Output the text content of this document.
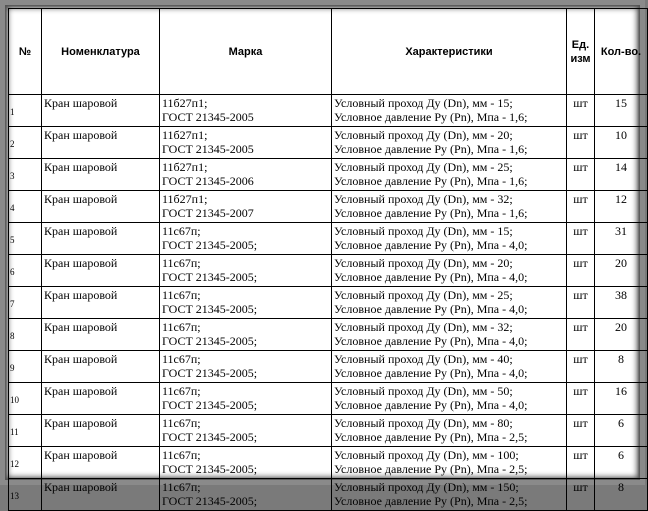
№	Номенклатура	Марка	Характеристики	Ед.
изм	Кол-во.
1	Кран шаровой	11б27п1;
ГОСТ 21345-2005	Условный проход Ду (Dn), мм - 15;
Условное давление Ру (Pn), Мпа - 1,6;	шт	15
2	Кран шаровой	11б27п1;
ГОСТ 21345-2005	Условный проход Ду (Dn), мм - 20;
Условное давление Ру (Pn), Мпа - 1,6;	шт	10
3	Кран шаровой	11б27п1;
ГОСТ 21345-2006	Условный проход Ду (Dn), мм - 25;
Условное давление Ру (Pn), Мпа - 1,6;	шт	14
4	Кран шаровой	11б27п1;
ГОСТ 21345-2007	Условный проход Ду (Dn), мм - 32;
Условное давление Ру (Pn), Мпа - 1,6;	шт	12
5	Кран шаровой	11с67п;
ГОСТ 21345-2005;	Условный проход Ду (Dn), мм - 15;
Условное давление Ру (Pn), Мпа - 4,0;	шт	31
6	Кран шаровой	11с67п;
ГОСТ 21345-2005;	Условный проход Ду (Dn), мм - 20;
Условное давление Ру (Pn), Мпа - 4,0;	шт	20
7	Кран шаровой	11с67п;
ГОСТ 21345-2005;	Условный проход Ду (Dn), мм - 25;
Условное давление Ру (Pn), Мпа - 4,0;	шт	38
8	Кран шаровой	11с67п;
ГОСТ 21345-2005;	Условный проход Ду (Dn), мм - 32;
Условное давление Ру (Pn), Мпа - 4,0;	шт	20
9	Кран шаровой	11с67п;
ГОСТ 21345-2005;	Условный проход Ду (Dn), мм - 40;
Условное давление Ру (Pn), Мпа - 4,0;	шт	8
10	Кран шаровой	11с67п;
ГОСТ 21345-2005;	Условный проход Ду (Dn), мм - 50;
Условное давление Ру (Pn), Мпа - 4,0;	шт	16
11	Кран шаровой	11с67п;
ГОСТ 21345-2005;	Условный проход Ду (Dn), мм - 80;
Условное давление Ру (Pn), Мпа - 2,5;	шт	6
12	Кран шаровой	11с67п;
ГОСТ 21345-2005;	Условный проход Ду (Dn), мм - 100;
Условное давление Ру (Pn), Мпа - 2,5;	шт	6
13	Кран шаровой	11с67п;
ГОСТ 21345-2005;	Условный проход Ду (Dn), мм - 150;
Условное давление Ру (Pn), Мпа - 2,5;	шт	8
